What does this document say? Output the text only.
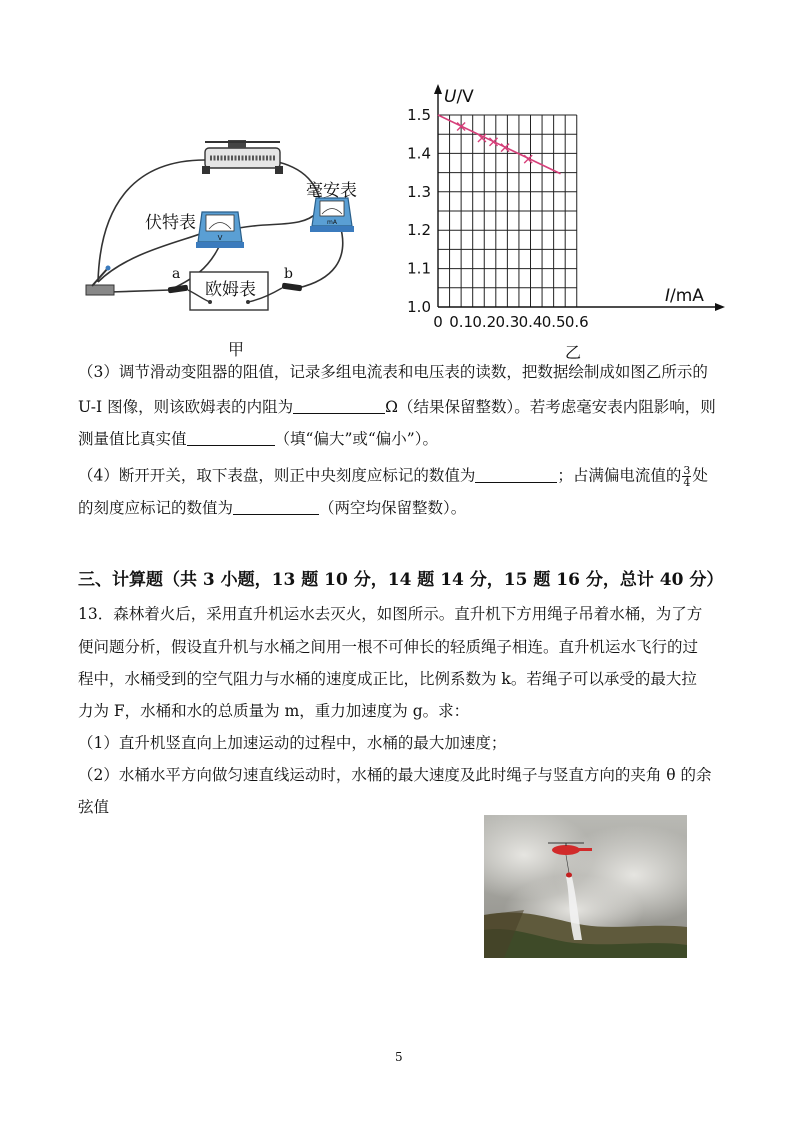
V
mA
伏特表
毫安表
欧姆表
a	b
甲
0 0.1 0.2 0.3 0.4 0.5 0.6
1.0
1.1
1.2
1.3
1.4
1.5
U/V
I/mA
乙
（3）调节滑动变阻器的阻值，记录多组电流表和电压表的读数，把数据绘制成如图乙所示的
U-I 图像，则该欧姆表的内阻为	Ω（结果保留整数）。若考虑毫安表内阻影响，则
测量值比真实值	（填“偏大”或“偏小”）。
（4）断开开关，取下表盘，则正中央刻度应标记的数值为	；占满偏电流值的 $\frac{3}{4}$ 处
的刻度应标记的数值为	（两空均保留整数）。
三、计算题（共 3 小题，13 题 10 分，14 题 14 分，15 题 16 分，总计 40 分）
13．森林着火后，采用直升机运水去灭火，如图所示。直升机下方用绳子吊着水桶，为了方
便问题分析，假设直升机与水桶之间用一根不可伸长的轻质绳子相连。直升机运水飞行的过
程中，水桶受到的空气阻力与水桶的速度成正比，比例系数为 k。若绳子可以承受的最大拉
力为 F，水桶和水的总质量为 m，重力加速度为 g。求：
（1）直升机竖直向上加速运动的过程中，水桶的最大加速度；
（2）水桶水平方向做匀速直线运动时，水桶的最大速度及此时绳子与竖直方向的夹角 θ 的余
弦值
5
